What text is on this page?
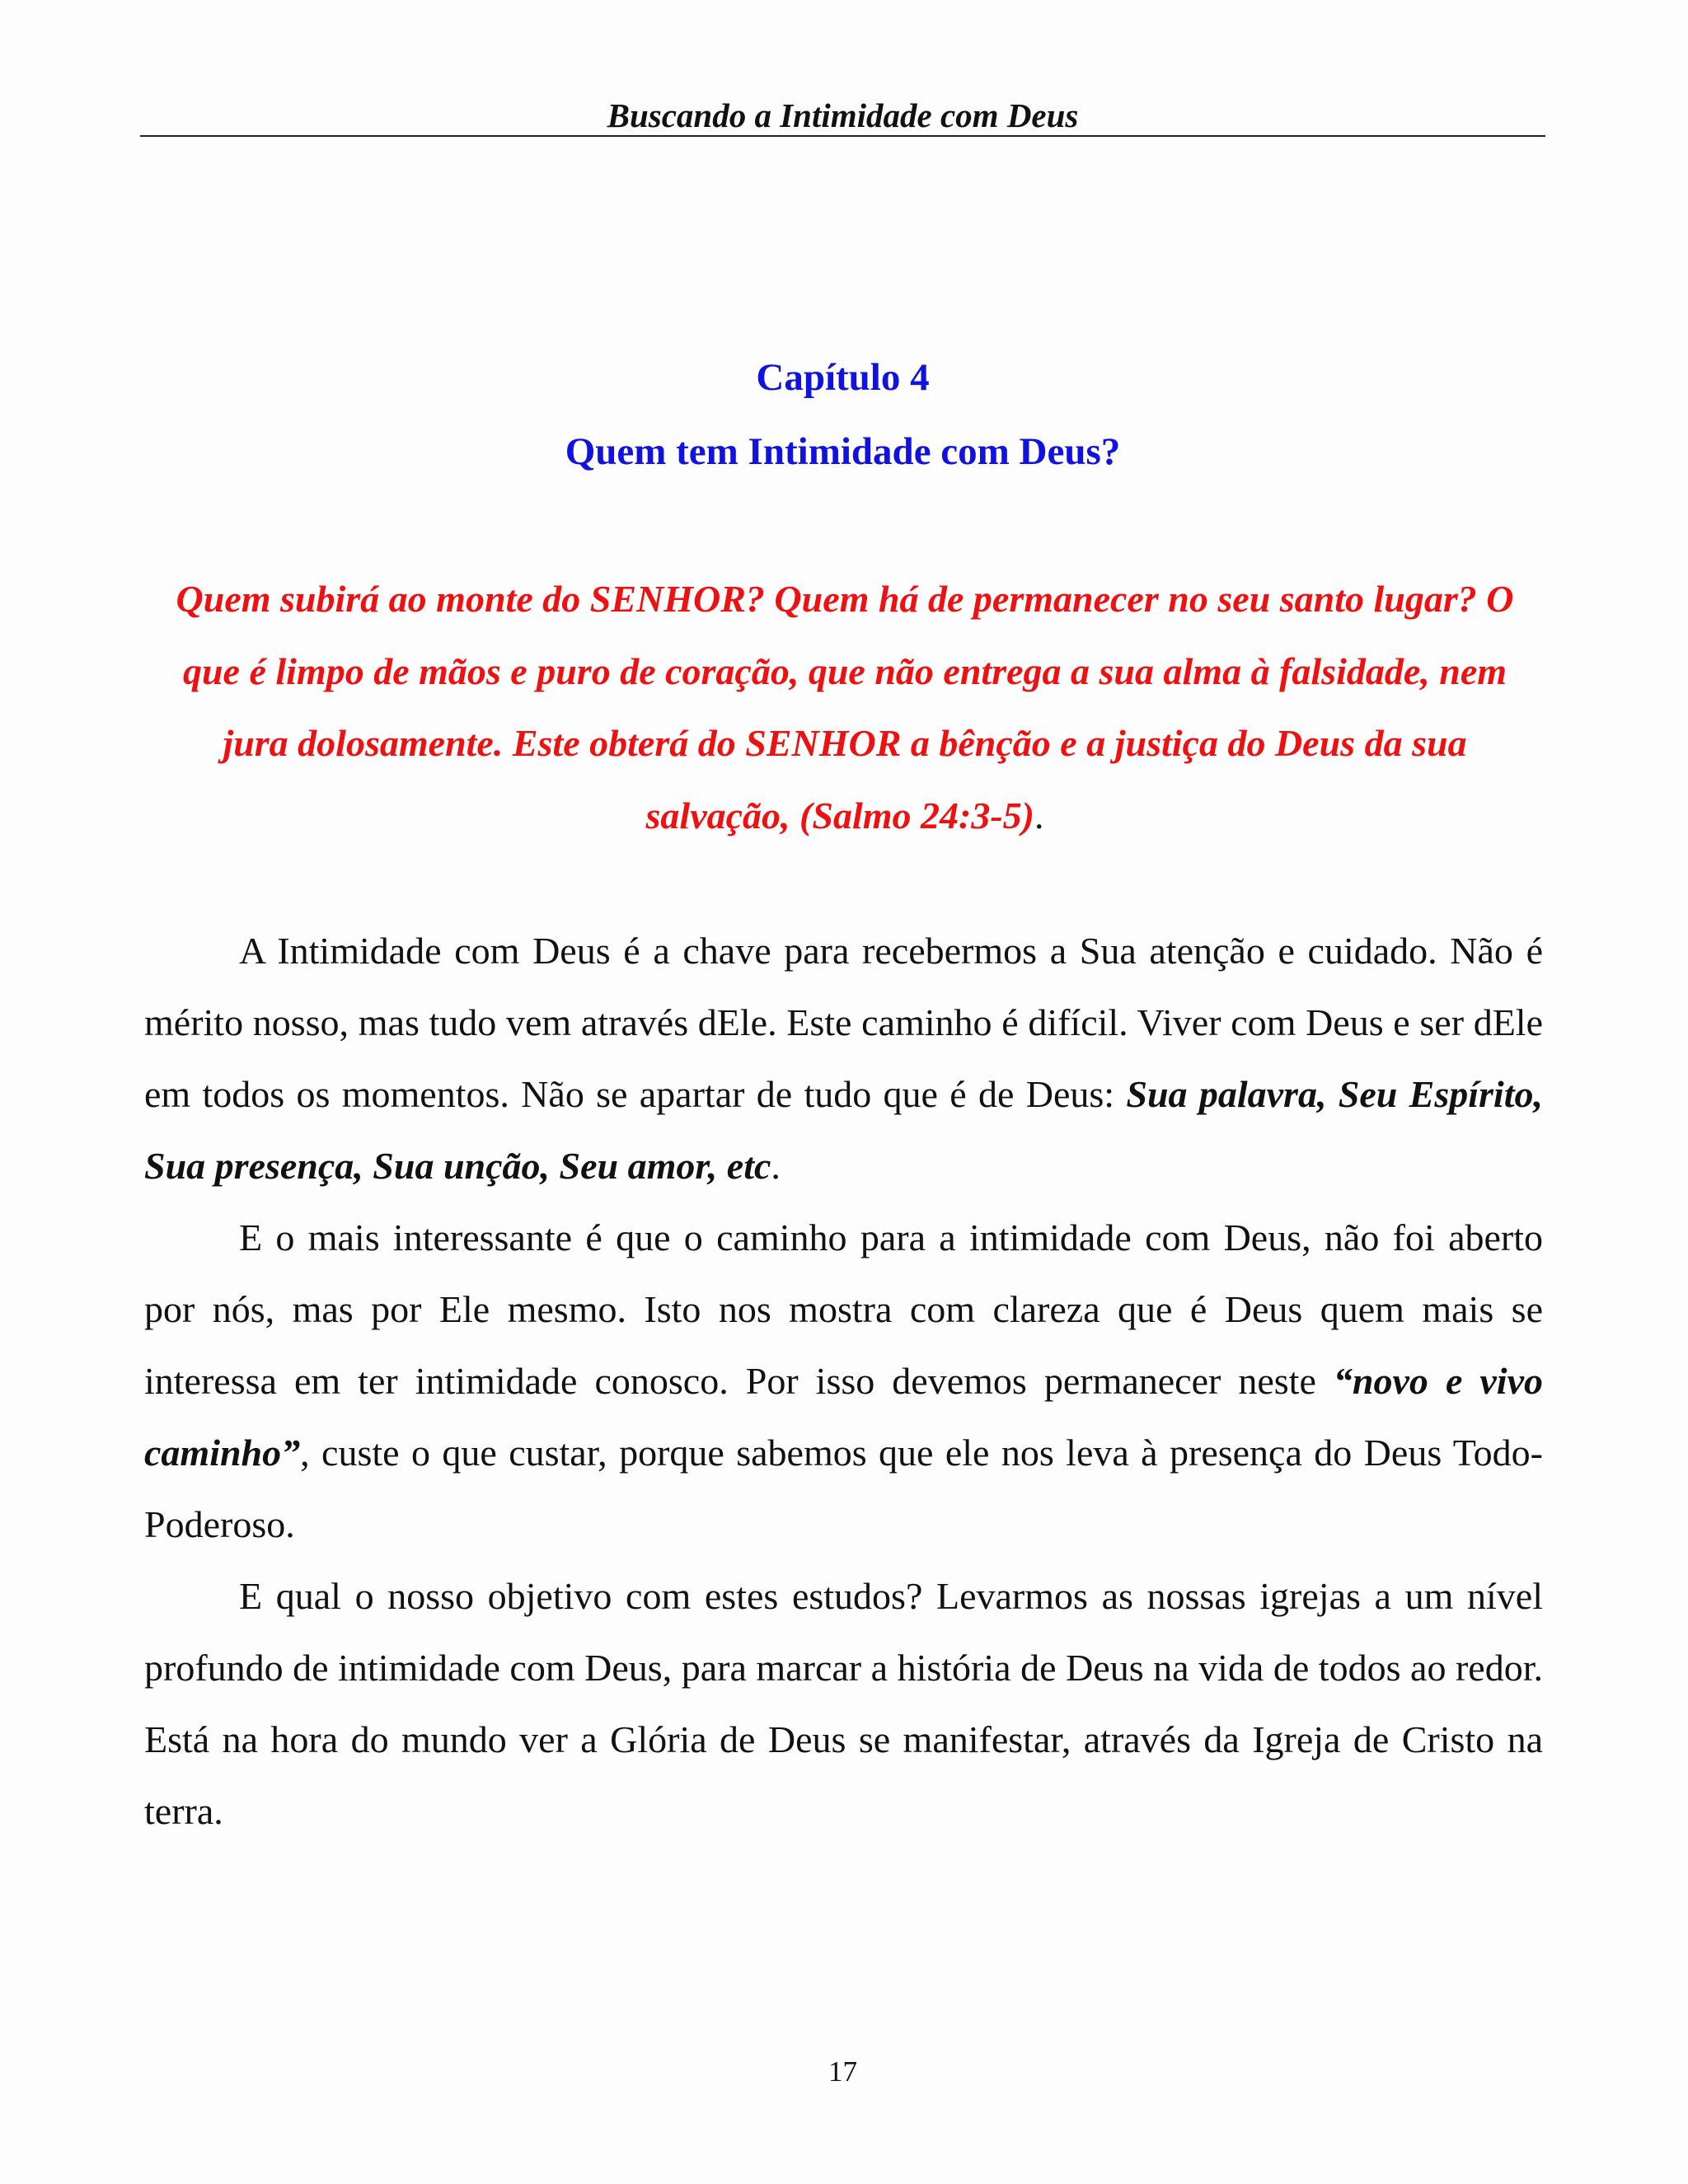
Buscando a Intimidade com Deus
Capítulo 4
Quem tem Intimidade com Deus?
Quem subirá ao monte do SENHOR? Quem há de permanecer no seu santo lugar? O que é limpo de mãos e puro de coração, que não entrega a sua alma à falsidade, nem jura dolosamente. Este obterá do SENHOR a bênção e a justiça do Deus da sua salvação, (Salmo 24:3-5).

A Intimidade com Deus é a chave para recebermos a Sua atenção e cuidado. Não é mérito nosso, mas tudo vem através dEle. Este caminho é difícil. Viver com Deus e ser dEle em todos os momentos. Não se apartar de tudo que é de Deus: Sua palavra, Seu Espírito, Sua presença, Sua unção, Seu amor, etc.

E o mais interessante é que o caminho para a intimidade com Deus, não foi aberto por nós, mas por Ele mesmo. Isto nos mostra com clareza que é Deus quem mais se interessa em ter intimidade conosco. Por isso devemos permanecer neste “novo e vivo caminho”, custe o que custar, porque sabemos que ele nos leva à presença do Deus Todo-Poderoso.

E qual o nosso objetivo com estes estudos? Levarmos as nossas igrejas a um nível profundo de intimidade com Deus, para marcar a história de Deus na vida de todos ao redor. Está na hora do mundo ver a Glória de Deus se manifestar, através da Igreja de Cristo na terra.

17
